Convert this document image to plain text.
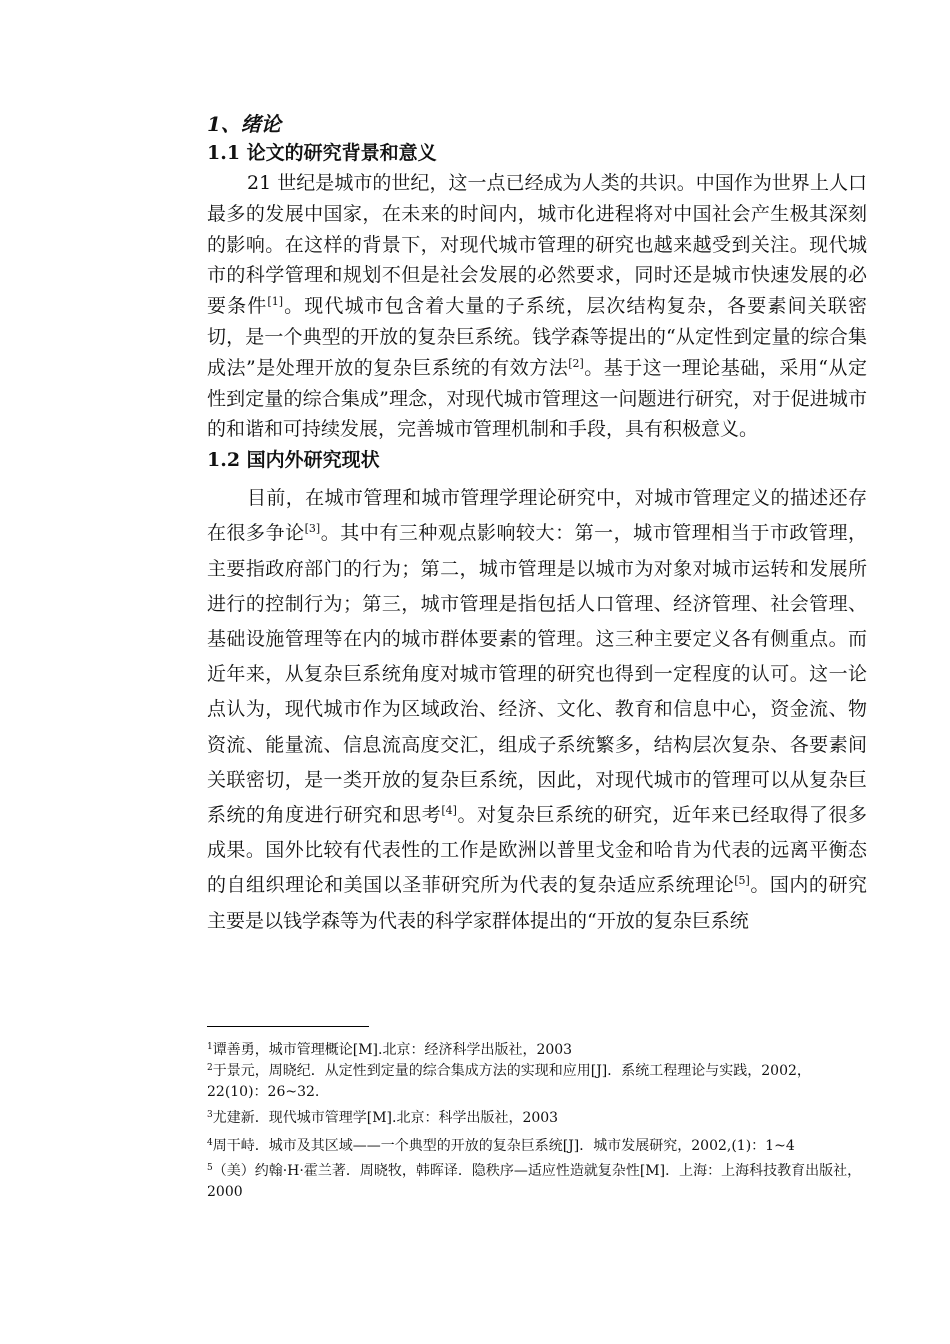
1、绪论
1.1 论文的研究背景和意义

21 世纪是城市的世纪，这一点已经成为人类的共识。中国作为世界上人口最多的发展中国家，在未来的时间内，城市化进程将对中国社会产生极其深刻的影响。在这样的背景下，对现代城市管理的研究也越来越受到关注。现代城市的科学管理和规划不但是社会发展的必然要求，同时还是城市快速发展的必要条件[1]。现代城市包含着大量的子系统，层次结构复杂，各要素间关联密切，是一个典型的开放的复杂巨系统。钱学森等提出的“从定性到定量的综合集成法”是处理开放的复杂巨系统的有效方法[2]。基于这一理论基础，采用“从定性到定量的综合集成”理念，对现代城市管理这一问题进行研究，对于促进城市的和谐和可持续发展，完善城市管理机制和手段，具有积极意义。

1.2 国内外研究现状

目前，在城市管理和城市管理学理论研究中，对城市管理定义的描述还存在很多争论[3]。其中有三种观点影响较大：第一，城市管理相当于市政管理，主要指政府部门的行为；第二，城市管理是以城市为对象对城市运转和发展所进行的控制行为；第三，城市管理是指包括人口管理、经济管理、社会管理、基础设施管理等在内的城市群体要素的管理。这三种主要定义各有侧重点。而近年来，从复杂巨系统角度对城市管理的研究也得到一定程度的认可。这一论点认为，现代城市作为区域政治、经济、文化、教育和信息中心，资金流、物资流、能量流、信息流高度交汇，组成子系统繁多，结构层次复杂、各要素间关联密切，是一类开放的复杂巨系统，因此，对现代城市的管理可以从复杂巨系统的角度进行研究和思考[4]。对复杂巨系统的研究，近年来已经取得了很多成果。国外比较有代表性的工作是欧洲以普里戈金和哈肯为代表的远离平衡态的自组织理论和美国以圣菲研究所为代表的复杂适应系统理论[5]。国内的研究主要是以钱学森等为代表的科学家群体提出的“开放的复杂巨系统

$^1$谭善勇，城市管理概论[M].北京：经济科学出版社，2003

$^2$于景元，周晓纪．从定性到定量的综合集成方法的实现和应用[J]．系统工程理论与实践，2002，22(10)：26~32.

$^3$尤建新．现代城市管理学[M].北京：科学出版社，2003

$^4$周干峙．城市及其区域——一个典型的开放的复杂巨系统[J]．城市发展研究，2002,(1)：1~4

$^5$（美）约翰·H·霍兰著．周晓牧，韩晖译．隐秩序—适应性造就复杂性[M]．上海：上海科技教育出版社，2000
